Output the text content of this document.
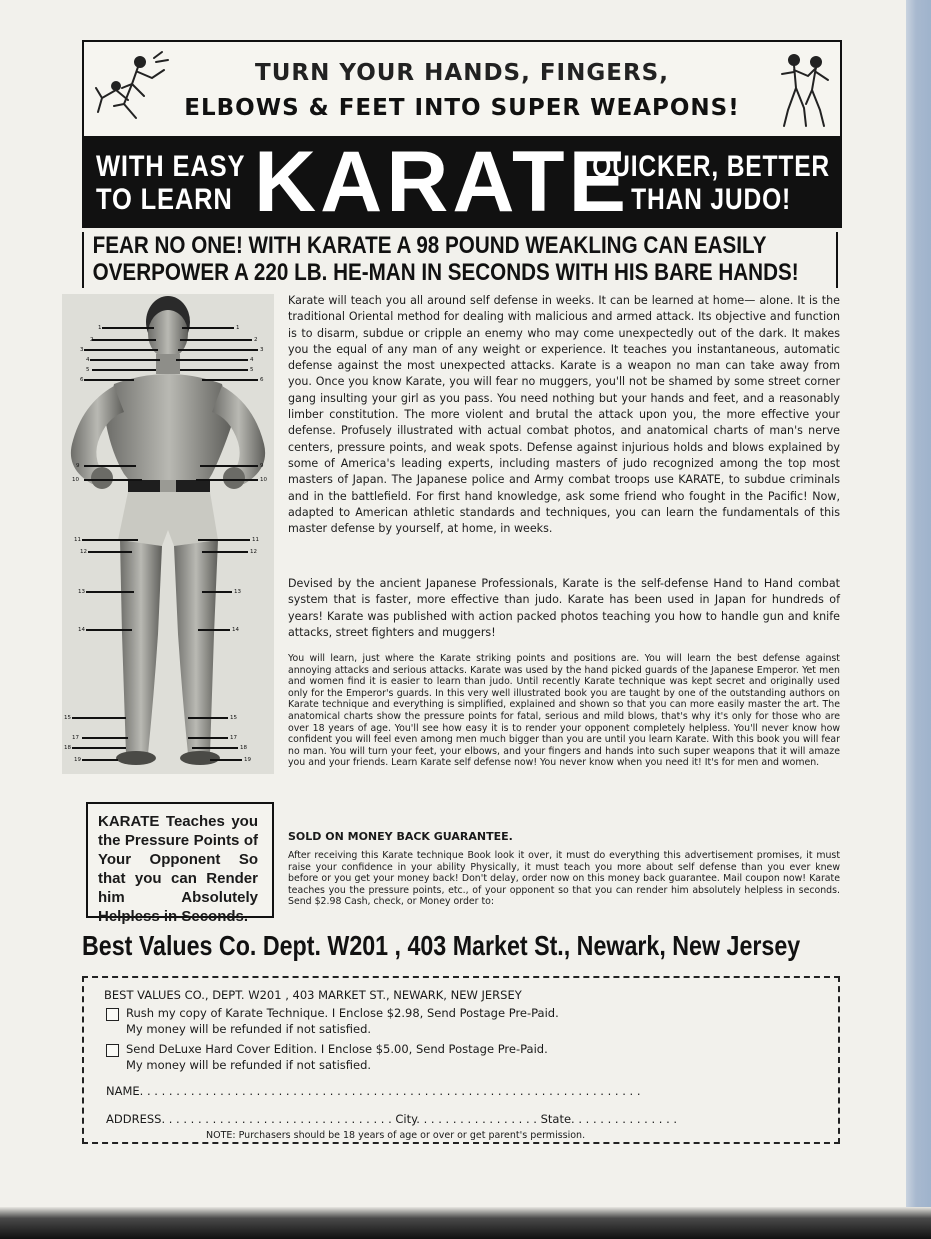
TURN YOUR HANDS, FINGERS,
ELBOWS & FEET INTO SUPER WEAPONS!
WITH EASY
TO LEARN KARATE
QUICKER, BETTER
THAN JUDO!
FEAR NO ONE! WITH KARATE A 98 POUND WEAKLING CAN EASILY
OVERPOWER A 220 LB. HE-MAN IN SECONDS WITH HIS BARE HANDS!
1
2
3
4
5
6
9
10
11
12
13
14
15
17
18
19
1
2
3
4
5
6
9
10
11
12
13
14
15
17
18
19
Karate will teach you all around self defense in weeks. It can be learned at home— alone. It is the traditional Oriental method for dealing with malicious and armed attack. Its objective and function is to disarm, subdue or cripple an enemy who may come unexpectedly out of the dark. It makes you the equal of any man of any weight or experience. It teaches you instantaneous, automatic defense against the most unexpected attacks. Karate is a weapon no man can take away from you. Once you know Karate, you will fear no muggers, you'll not be shamed by some street corner gang insulting your girl as you pass. You need nothing but your hands and feet, and a reasonably limber constitution. The more violent and brutal the attack upon you, the more effective your defense. Profusely illustrated with actual combat photos, and anatomical charts of man's nerve centers, pressure points, and weak spots. Defense against injurious holds and blows explained by some of America's leading experts, including masters of judo recognized among the top most masters of Japan. The Japanese police and Army combat troops use KARATE, to subdue criminals and in the battlefield. For first hand knowledge, ask some friend who fought in the Pacific! Now, adapted to American athletic standards and techniques, you can learn the fundamentals of this master defense by yourself, at home, in weeks.
Devised by the ancient Japanese Professionals, Karate is the self-defense Hand to Hand combat system that is faster, more effective than judo. Karate has been used in Japan for hundreds of years! Karate was published with action packed photos teaching you how to handle gun and knife attacks, street fighters and muggers!
You will learn, just where the Karate striking points and positions are. You will learn the best defense against annoying attacks and serious attacks. Karate was used by the hand picked guards of the Japanese Emperor. Yet men and women find it is easier to learn than judo. Until recently Karate technique was kept secret and originally used only for the Emperor's guards. In this very well illustrated book you are taught by one of the outstanding authors on Karate technique and everything is simplified, explained and shown so that you can more easily master the art. The anatomical charts show the pressure points for fatal, serious and mild blows, that's why it's only for those who are over 18 years of age. You'll see how easy it is to render your opponent completely helpless. You'll never know how confident you will feel even among men much bigger than you are until you learn Karate. With this book you will fear no man. You will turn your feet, your elbows, and your fingers and hands into such super weapons that it will amaze you and your friends. Learn Karate self defense now! You never know when you need it! It's for men and women.
SOLD ON MONEY BACK GUARANTEE.
After receiving this Karate technique Book look it over, it must do everything this advertisement promises, it must raise your confidence in your ability Physically, it must teach you more about self defense than you ever knew before or you get your money back! Don't delay, order now on this money back guarantee. Mail coupon now! Karate teaches you the pressure points, etc., of your opponent so that you can render him absolutely helpless in seconds. Send $2.98 Cash, check, or Money order to:
KARATE Teaches you the Pressure Points of Your Opponent So that you can Render him Absolutely Helpless in Seconds.
Best Values Co. Dept. W201 , 403 Market St., Newark, New Jersey
BEST VALUES CO., DEPT. W201 , 403 MARKET ST., NEWARK, NEW JERSEY
Rush my copy of Karate Technique. I Enclose $2.98, Send Postage Pre-Paid.
My money will be refunded if not satisfied.
Send DeLuxe Hard Cover Edition. I Enclose $5.00, Send Postage Pre-Paid.
My money will be refunded if not satisfied.
NAME. . . . . . . . . . . . . . . . . . . . . . . . . . . . . . . . . . . . . . . . . . . . . . . . . . . . . . . . . . . . . . . . . . . . .
ADDRESS. . . . . . . . . . . . . . . . . . . . . . . . . . . . . . . . City. . . . . . . . . . . . . . . . . State. . . . . . . . . . . . . . .
NOTE: Purchasers should be 18 years of age or over or get parent's permission.
